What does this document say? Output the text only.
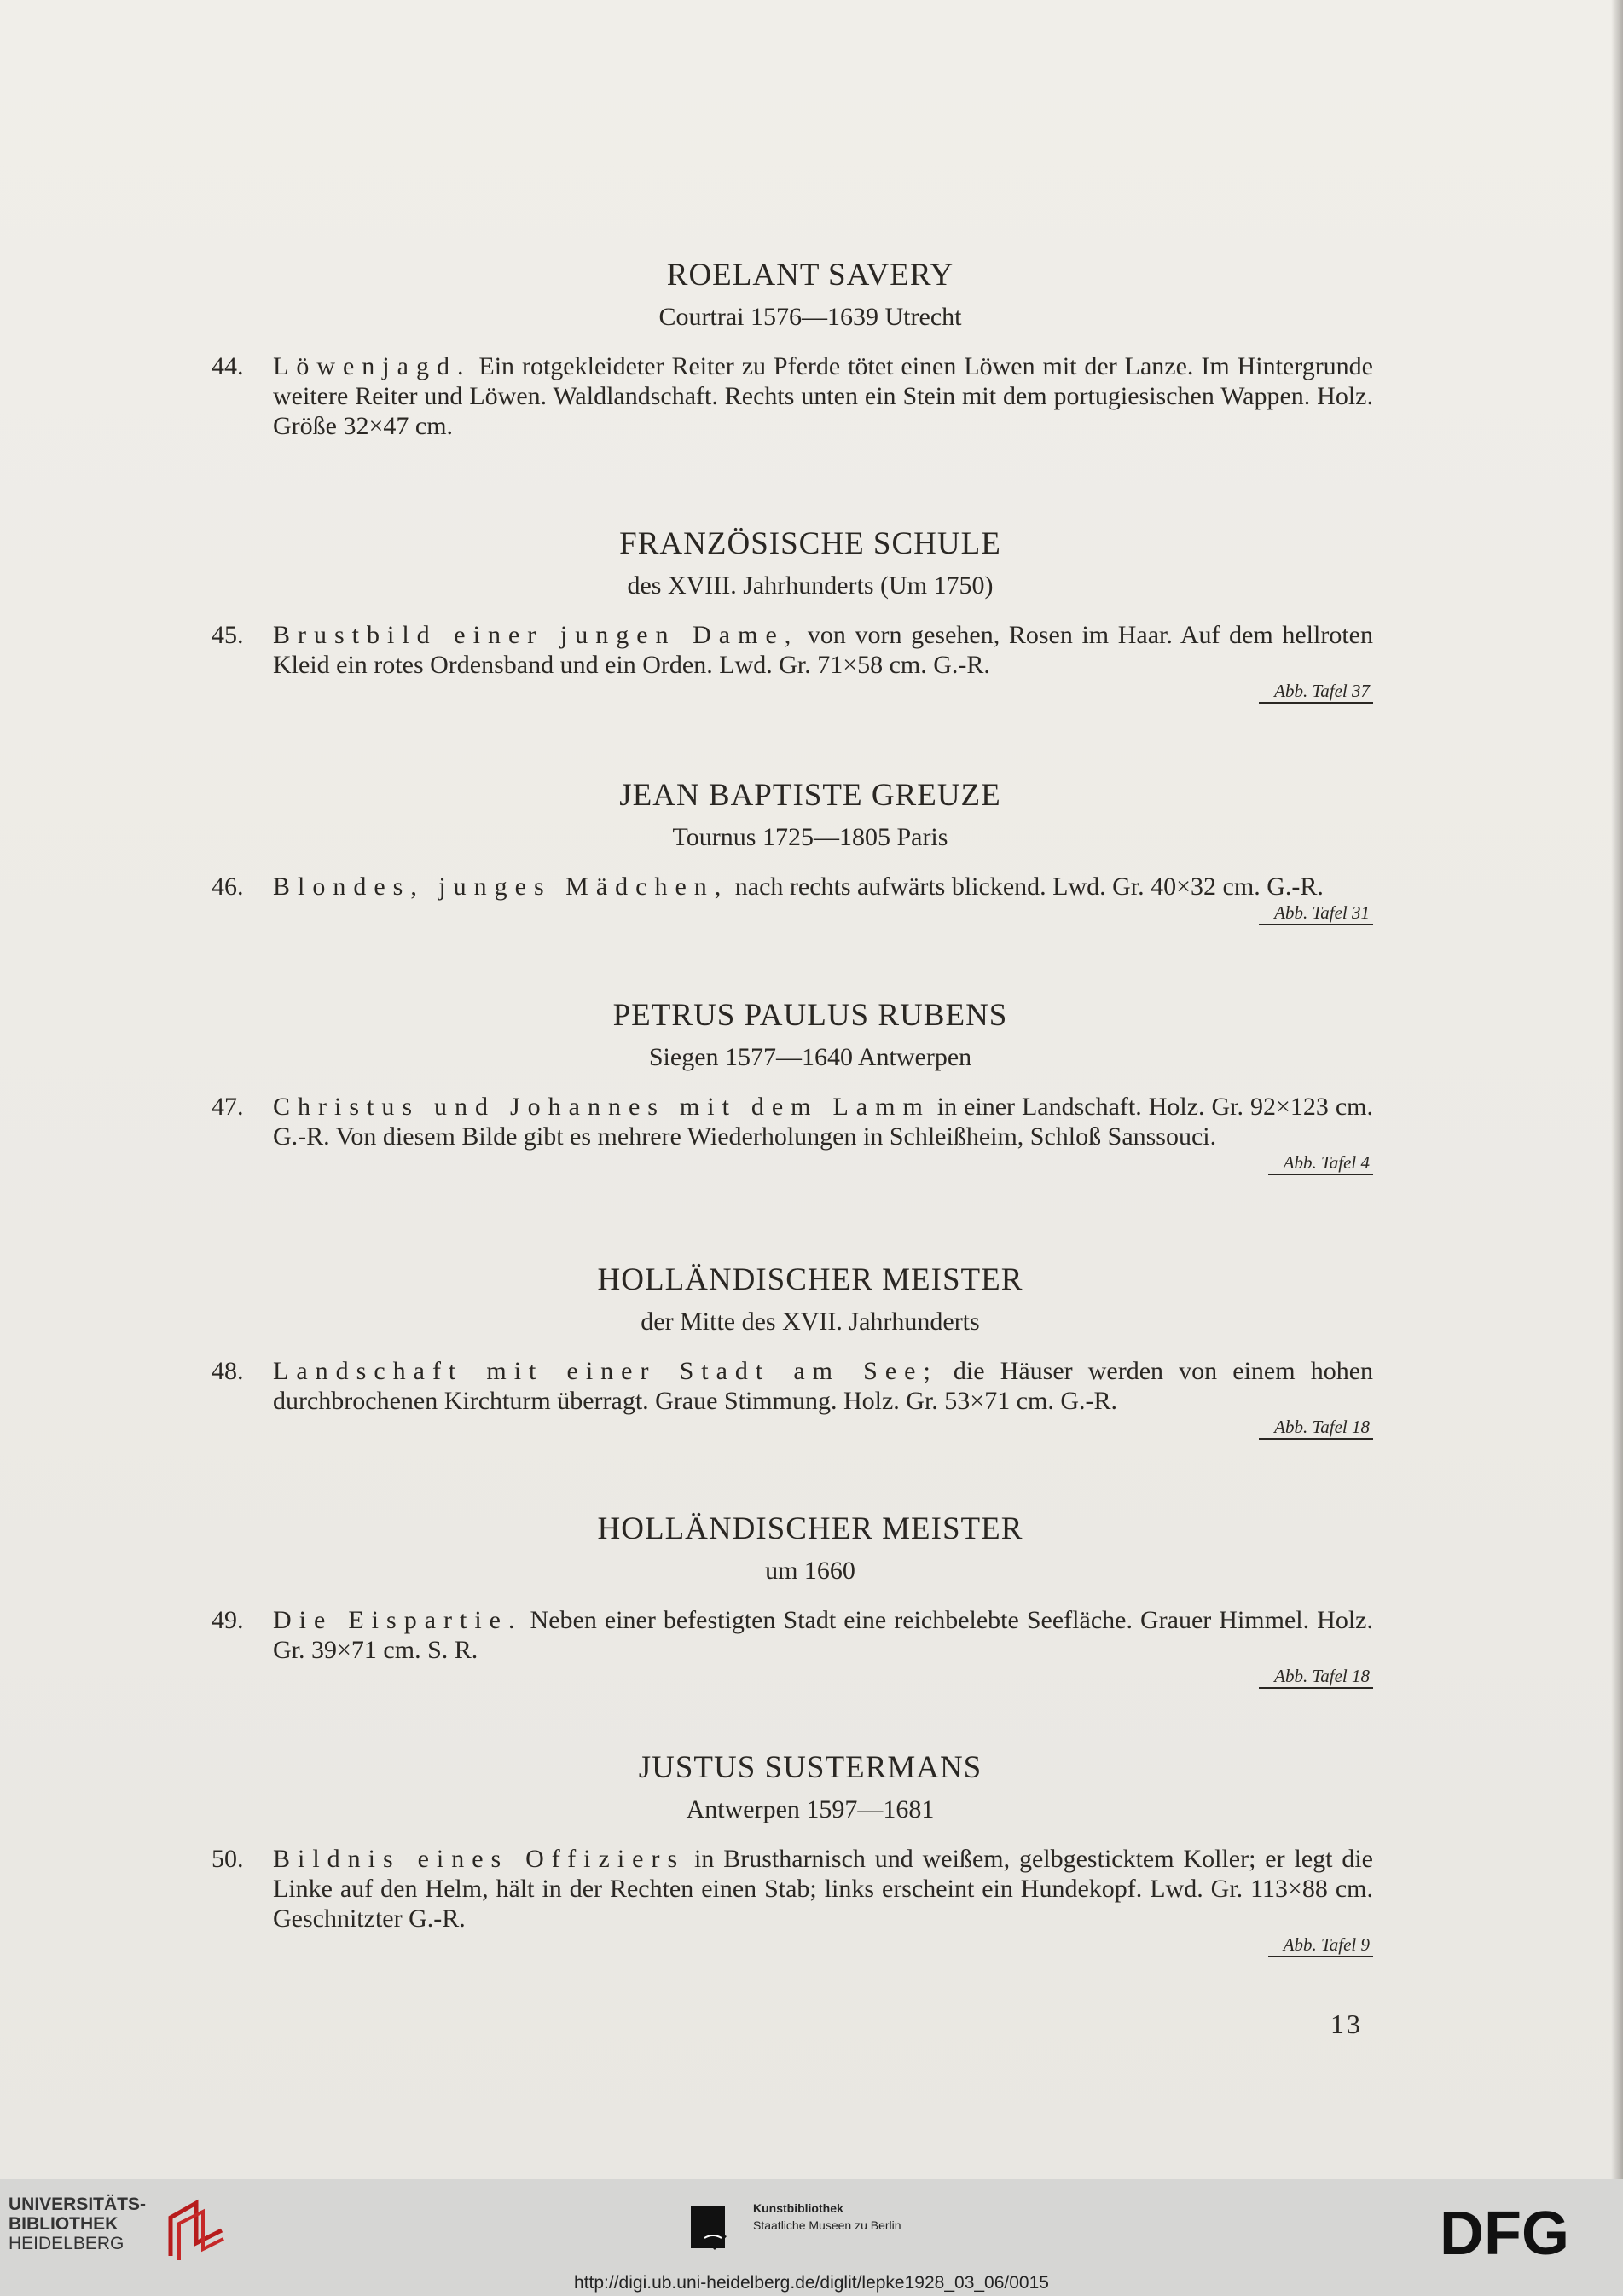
ROELANT SAVERY
Courtrai 1576—1639 Utrecht
44. Löwenjagd. Ein rotgekleideter Reiter zu Pferde tötet einen Löwen mit der Lanze. Im Hintergrunde weitere Reiter und Löwen. Waldlandschaft. Rechts unten ein Stein mit dem portugiesischen Wappen. Holz. Größe 32×47 cm.
FRANZÖSISCHE SCHULE
des XVIII. Jahrhunderts (Um 1750)
45. Brustbild einer jungen Dame, von vorn gesehen, Rosen im Haar. Auf dem hellroten Kleid ein rotes Ordensband und ein Orden. Lwd. Gr. 71×58 cm. G.-R.
Abb. Tafel 37
JEAN BAPTISTE GREUZE
Tournus 1725—1805 Paris
46. Blondes, junges Mädchen, nach rechts aufwärts blickend. Lwd. Gr. 40×32 cm. G.-R.
Abb. Tafel 31
PETRUS PAULUS RUBENS
Siegen 1577—1640 Antwerpen
47. Christus und Johannes mit dem Lamm in einer Landschaft. Holz. Gr. 92×123 cm. G.-R. Von diesem Bilde gibt es mehrere Wiederholungen in Schleißheim, Schloß Sanssouci.
Abb. Tafel 4
HOLLÄNDISCHER MEISTER
der Mitte des XVII. Jahrhunderts
48. Landschaft mit einer Stadt am See; die Häuser werden von einem hohen durchbrochenen Kirchturm überragt. Graue Stimmung. Holz. Gr. 53×71 cm. G.-R.
Abb. Tafel 18
HOLLÄNDISCHER MEISTER
um 1660
49. Die Eispartie. Neben einer befestigten Stadt eine reichbelebte Seefläche. Grauer Himmel. Holz. Gr. 39×71 cm. S. R.
Abb. Tafel 18
JUSTUS SUSTERMANS
Antwerpen 1597—1681
50. Bildnis eines Offiziers in Brustharnisch und weißem, gelbgesticktem Koller; er legt die Linke auf den Helm, hält in der Rechten einen Stab; links erscheint ein Hundekopf. Lwd. Gr. 113×88 cm. Geschnitzter G.-R.
Abb. Tafel 9
13
UNIVERSITÄTS-
BIBLIOTHEK
HEIDELBERG
Kunstbibliothek
Staatliche Museen zu Berlin	DFG
http://digi.ub.uni-heidelberg.de/diglit/lepke1928_03_06/0015
